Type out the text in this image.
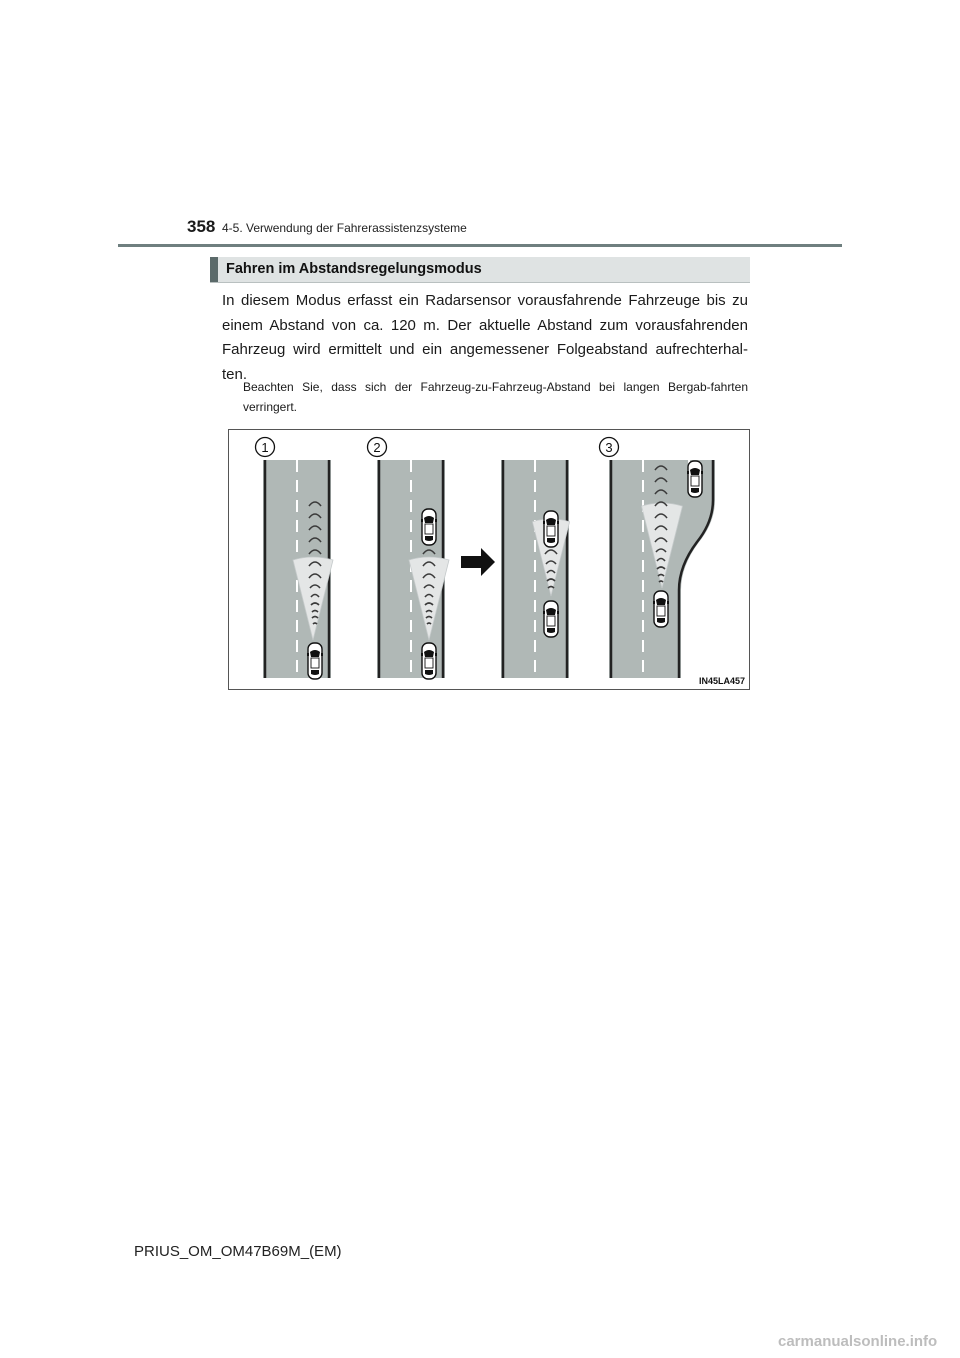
358 4-5. Verwendung der Fahrerassistenzsysteme
Fahren im Abstandsregelungsmodus

In diesem Modus erfasst ein Radarsensor vorausfahrende Fahrzeuge bis zu einem Abstand von ca. 120 m. Der aktuelle Abstand zum vorausfahrenden Fahrzeug wird ermittelt und ein angemessener Folgeabstand aufrechterhal-ten.

Beachten Sie, dass sich der Fahrzeug-zu-Fahrzeug-Abstand bei langen Bergab-fahrten verringert.

1	2	3
IN45LA457
PRIUS_OM_OM47B69M_(EM)
carmanualsonline.info
